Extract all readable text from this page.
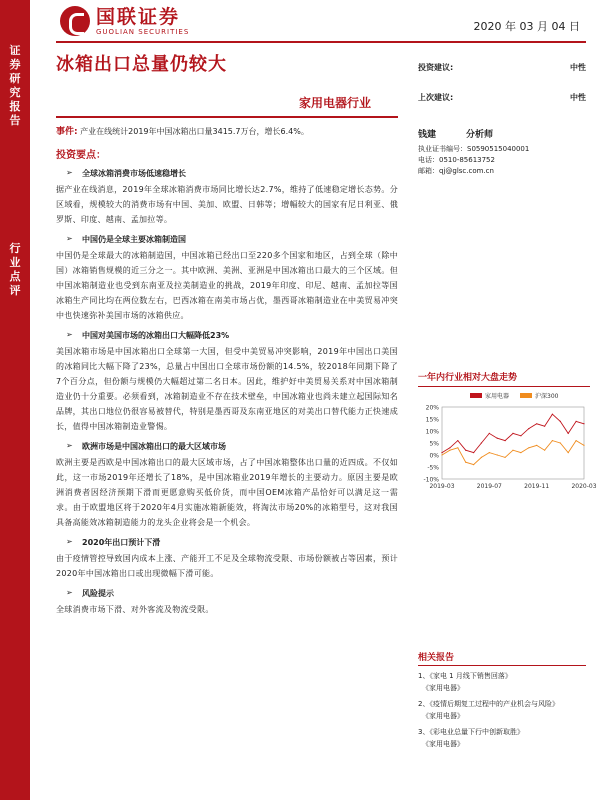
证券研究报告
行业点评
国联证券
GUOLIAN SECURITIES	2020 年 03 月 04 日
冰箱出口总量仍较大
家用电器行业
投资建议:	中性
上次建议:	中性
钱建	分析师
执业证书编号：S0590515040001
电话：0510-85613752
邮箱：qj@glsc.com.cn
事件: 产业在线统计2019年中国冰箱出口量3415.7万台，增长6.4%。
投资要点：
➢ 全球冰箱消费市场低速稳增长
据产业在线消息，2019年全球冰箱消费市场同比增长达2.7%，维持了低速稳定增长态势。分区域看，规模较大的消费市场有中国、美加、欧盟、日韩等；增幅较大的国家有尼日利亚、俄罗斯、印度、越南、孟加拉等。
➢ 中国仍是全球主要冰箱制造国
中国仍是全球最大的冰箱制造国，中国冰箱已经出口至220多个国家和地区，占到全球（除中国）冰箱销售规模的近三分之一。其中欧洲、美洲、亚洲是中国冰箱出口最大的三个区域。但中国冰箱制造业也受到东南亚及拉美制造业的挑战，2019年印度、印尼、越南、孟加拉等国冰箱生产同比均在两位数左右，巴西冰箱在南美市场占优，墨西哥冰箱制造业在中美贸易冲突中也快速弥补美国市场的冰箱供应。
➢ 中国对美国市场的冰箱出口大幅降低23%
美国冰箱市场是中国冰箱出口全球第一大国，但受中美贸易冲突影响，2019年中国出口美国的冰箱同比大幅下降了23%，总量占中国出口全球市场份额的14.5%，较2018年同期下降了7个百分点，但份额与规模仍大幅超过第二名日本。因此，维护好中美贸易关系对中国冰箱制造业仍十分重要。必须看到，冰箱制造业不存在技术壁垒，中国冰箱业也尚未建立起国际知名品牌，其出口地位仍很容易被替代，特别是墨西哥及东南亚地区的对美出口替代能力正快速成长，值得中国冰箱制造业警惕。
➢ 欧洲市场是中国冰箱出口的最大区域市场
欧洲主要是西欧是中国冰箱出口的最大区域市场，占了中国冰箱整体出口量的近四成。不仅如此，这一市场2019年还增长了18%，是中国冰箱业2019年增长的主要动力。原因主要是欧洲消费者因经济预期下滑而更愿意购买低价货，而中国OEM冰箱产品恰好可以满足这一需求。由于欧盟地区将于2020年4月实施冰箱新能效，将淘汰市场20%的冰箱型号，这对我国具备高能效冰箱制造能力的龙头企业将会是一个机会。
➢ 2020年出口预计下滑
由于疫情管控导致国内成本上涨、产能开工不足及全球物流受限、市场份额被占等因素，预计2020年中国冰箱出口或出现微幅下滑可能。
➢ 风险提示
全球消费市场下滑、对外客流及物流受限。
一年内行业相对大盘走势
20%
15%
10%
5%
0%
-5%
-10%
2019-03	2019-07	2019-11	2020-03
家用电器	沪深300
相关报告
1、《家电 1 月线下销售回落》
《家用电器》
2、《疫情后期复工过程中的产业机会与风险》
《家用电器》
3、《彩电业总量下行中创新取胜》
《家用电器》
